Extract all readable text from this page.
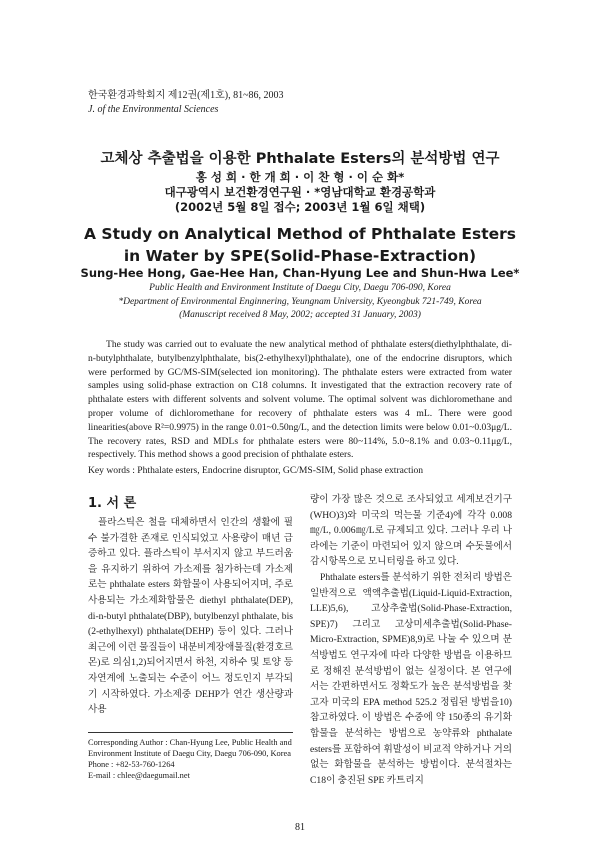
한국환경과학회지 제12권(제1호), 81~86, 2003
J. of the Environmental Sciences
고체상 추출법을 이용한 Phthalate Esters의 분석방법 연구
홍 성 희 · 한 개 희 · 이 찬 형 · 이 순 화*
대구광역시 보건환경연구원 · *영남대학교 환경공학과
(2002년 5월 8일 접수; 2003년 1월 6일 채택)
A Study on Analytical Method of Phthalate Esters
in Water by SPE(Solid-Phase-Extraction)
Sung-Hee Hong, Gae-Hee Han, Chan-Hyung Lee and Shun-Hwa Lee*
Public Health and Environment Institute of Daegu City, Daegu 706-090, Korea
*Department of Environmental Enginnering, Yeungnam University, Kyeongbuk 721-749, Korea
(Manuscript received 8 May, 2002; accepted 31 January, 2003)

The study was carried out to evaluate the new analytical method of phthalate esters(diethylphthalate, di-n-butylphthalate, butylbenzylphthalate, bis(2-ethylhexyl)phthalate), one of the endocrine disruptors, which were performed by GC/MS-SIM(selected ion monitoring). The phthalate esters were extracted from water samples using solid-phase extraction on C18 columns. It investigated that the extraction recovery rate of phthalate esters with different solvents and solvent volume. The optimal solvent was dichloromethane and proper volume of dichloromethane for recovery of phthalate esters was 4 mL. There were good linearities(above R²=0.9975) in the range 0.01~0.50ng/L, and the detection limits were below 0.01~0.03μg/L. The recovery rates, RSD and MDLs for phthalate esters were 80~114%, 5.0~8.1% and 0.03~0.11μg/L, respectively. This method shows a good precision of phthalate esters.

Key words : Phthalate esters, Endocrine disruptor, GC/MS-SIM, Solid phase extraction
1. 서 론

플라스틱은 철을 대체하면서 인간의 생활에 필수 불가결한 존재로 인식되었고 사용량이 매년 급증하고 있다. 플라스틱이 부서지지 않고 부드러움을 유지하기 위하여 가소제를 첨가하는데 가소제로는 phthalate esters 화합물이 사용되어지며, 주로 사용되는 가소제화합물은 diethyl phthalate(DEP), di-n-butyl phthalate(DBP), butylbenzyl phthalate, bis (2-ethylhexyl) phthalate(DEHP) 등이 있다. 그러나 최근에 이런 물질들이 내분비계장애물질(환경호르몬)로 의심1,2)되어지면서 하천, 지하수 및 토양 등 자연계에 노출되는 수준이 어느 정도인지 부각되기 시작하였다. 가소제중 DEHP가 연간 생산량과 사용

량이 가장 많은 것으로 조사되었고 세계보건기구 (WHO)3)와 미국의 먹는물 기준4)에 각각 0.008㎎/L, 0.006㎎/L로 규제되고 있다. 그러나 우리 나라에는 기준이 마련되어 있지 않으며 수돗물에서 감시항목으로 모니터링을 하고 있다.

Phthalate esters를 분석하기 위한 전처리 방법은 일반적으로 액액추출법(Liquid-Liquid-Extraction, LLE)5,6), 고상추출법(Solid-Phase-Extraction, SPE)7) 그리고 고상미세추출법(Solid-Phase-Micro-Extraction, SPME)8,9)로 나눌 수 있으며 분석방법도 연구자에 따라 다양한 방법을 이용하므로 정해진 분석방법이 없는 실정이다. 본 연구에서는 간편하면서도 정확도가 높은 분석방법을 찾고자 미국의 EPA method 525.2 정립된 방법을10)참고하였다. 이 방법은 수중에 약 150종의 유기화합물을 분석하는 방법으로 농약류와 phthalate esters를 포함하여 휘발성이 비교적 약하거나 거의 없는 화합물을 분석하는 방법이다. 분석절차는 C18이 충진된 SPE 카트리지

Corresponding Author : Chan-Hyung Lee, Public Health and Environment Institute of Daegu City, Daegu 706-090, Korea
Phone : +82-53-760-1264
E-mail : chlee@daegumail.net
81
